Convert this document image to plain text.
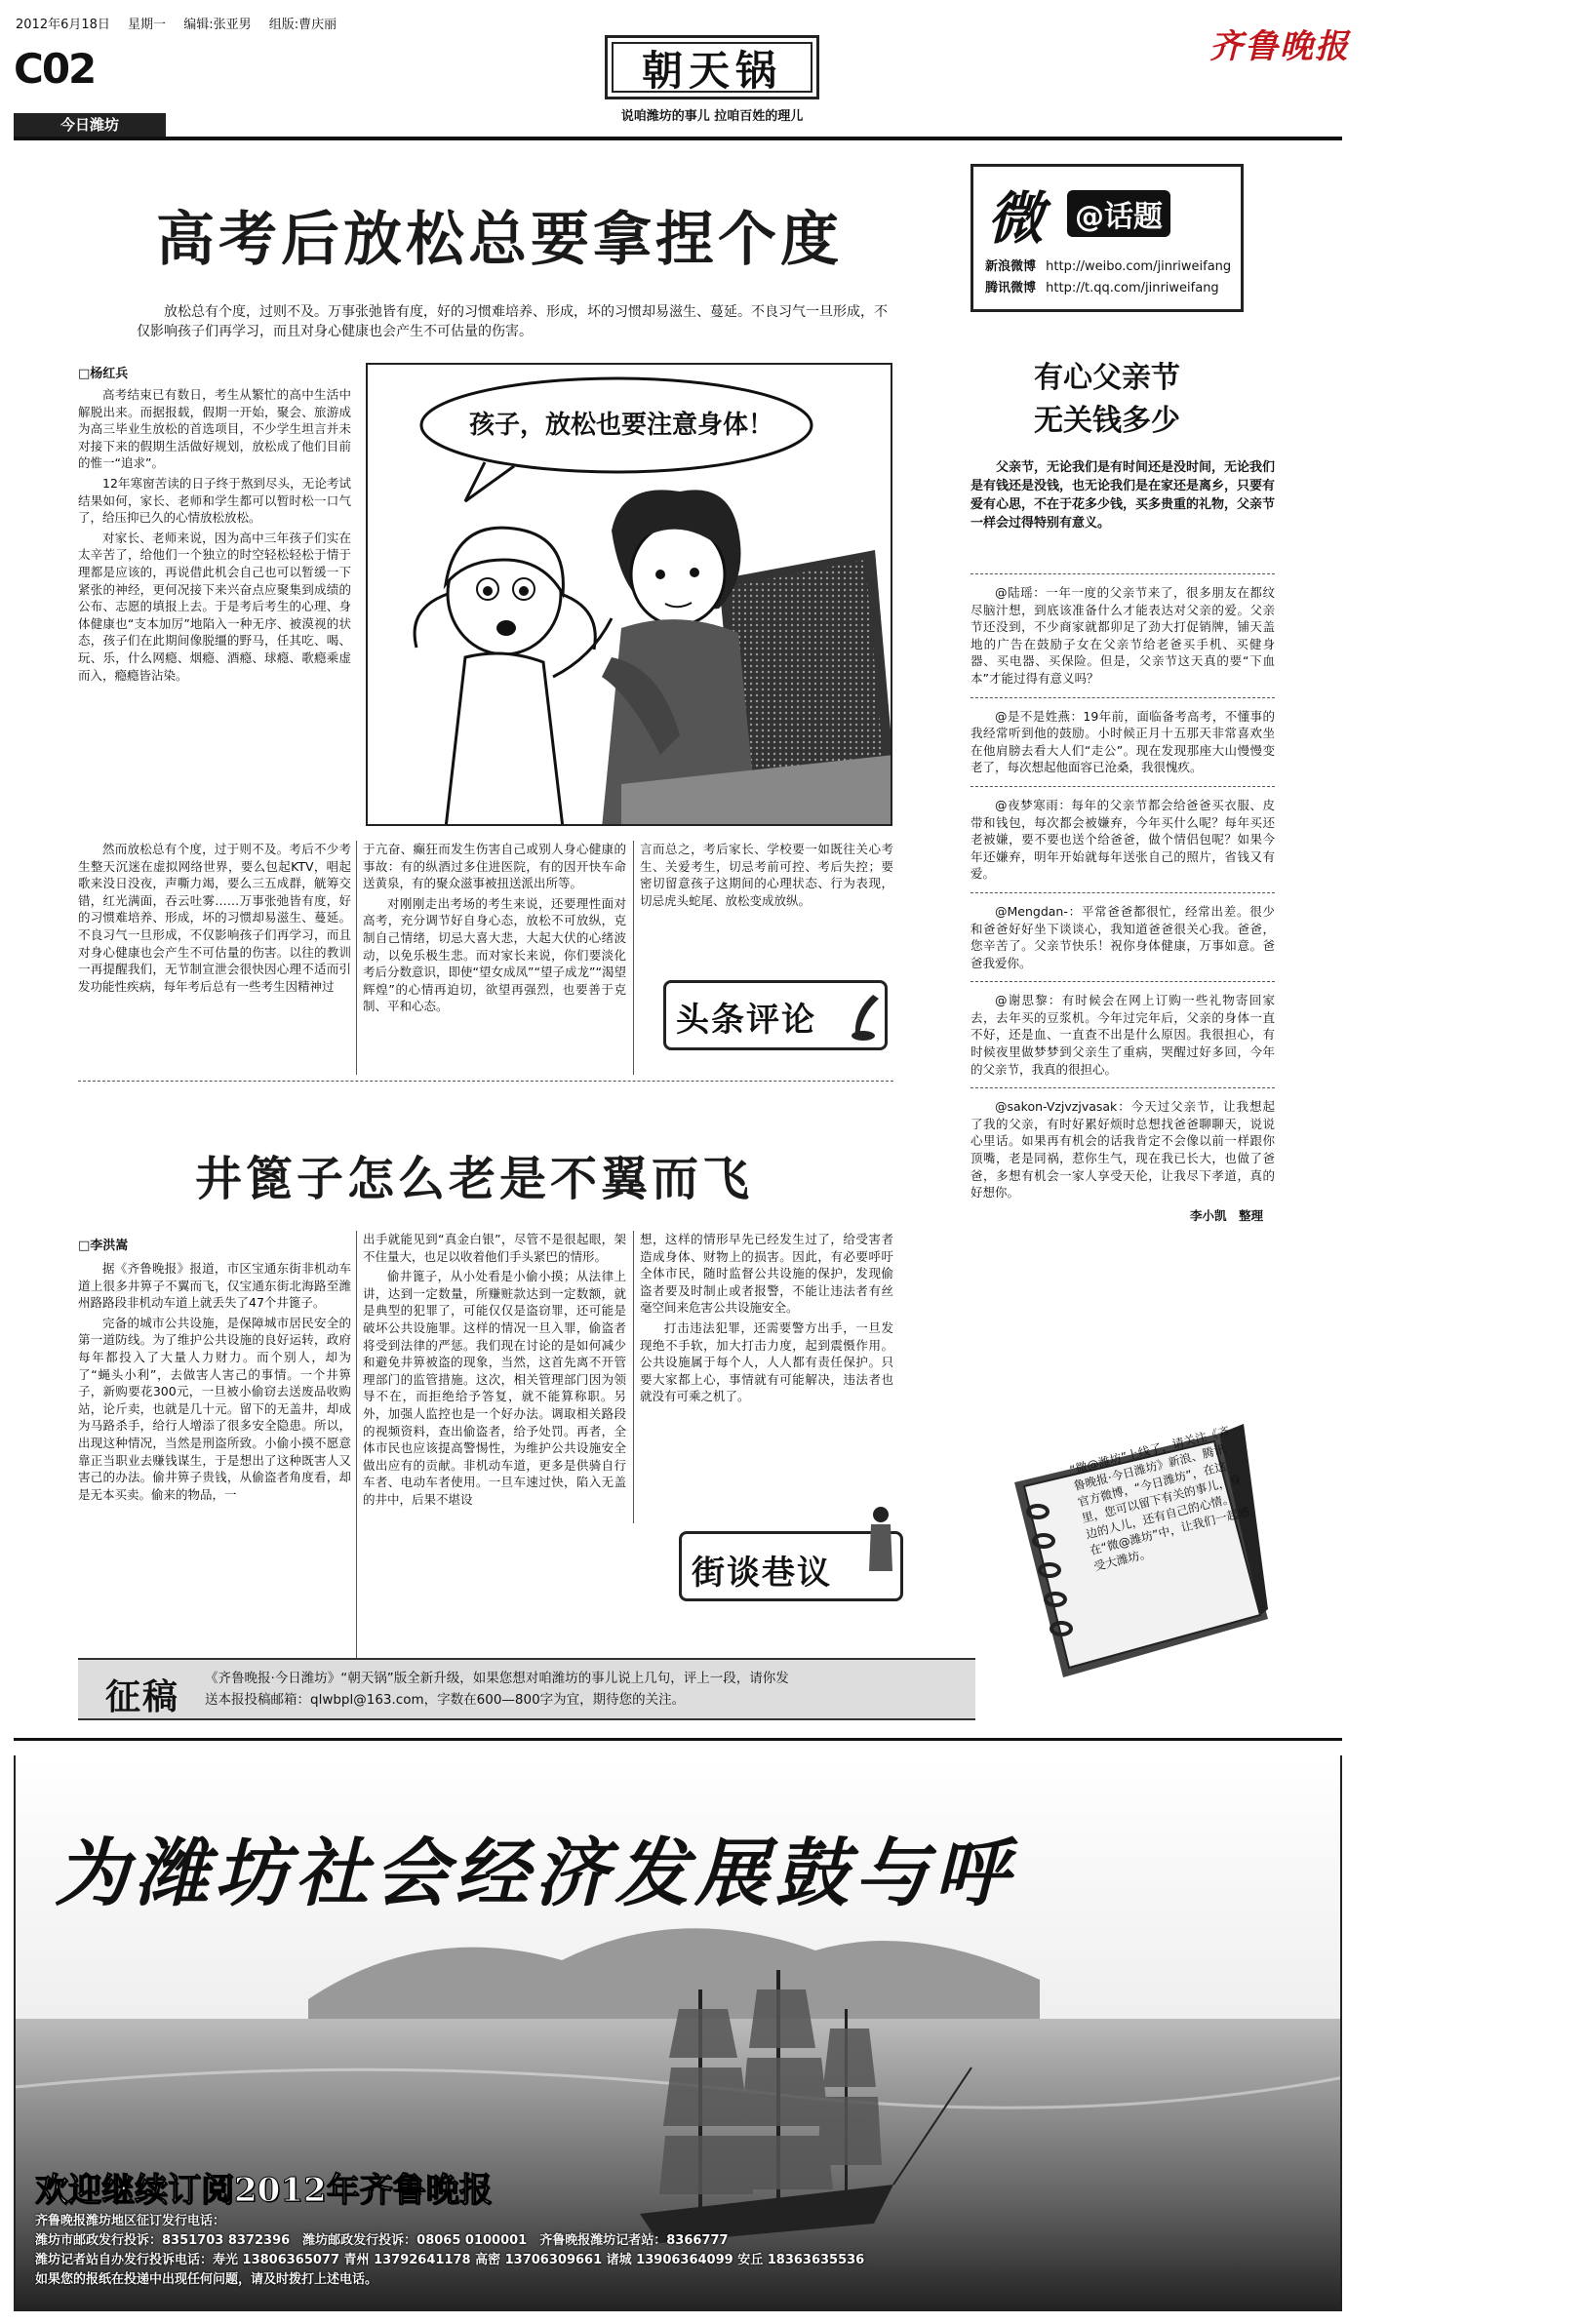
2012年6月18日 星期一 编辑:张亚男 组版:曹庆丽
C02
今日潍坊
朝天锅
说咱潍坊的事儿 拉咱百姓的理儿
齐鲁晚报
高考后放松总要拿捏个度
放松总有个度，过则不及。万事张弛皆有度，好的习惯难培养、形成，坏的习惯却易滋生、蔓延。不良习气一旦形成，不仅影响孩子们再学习，而且对身心健康也会产生不可估量的伤害。
□杨红兵
孩子，放松也要注意身体！

高考结束已有数日，考生从繁忙的高中生活中解脱出来。而据报载，假期一开始，聚会、旅游成为高三毕业生放松的首选项目，不少学生坦言并未对接下来的假期生活做好规划，放松成了他们目前的惟一“追求”。

12年寒窗苦读的日子终于熬到尽头，无论考试结果如何，家长、老师和学生都可以暂时松一口气了，给压抑已久的心情放松放松。

对家长、老师来说，因为高中三年孩子们实在太辛苦了，给他们一个独立的时空轻松轻松于情于理都是应该的，再说借此机会自己也可以暂缓一下紧张的神经，更何况接下来兴奋点应聚集到成绩的公布、志愿的填报上去。于是考后考生的心理、身体健康也“支本加厉”地陷入一种无序、被漠视的状态，孩子们在此期间像脱缰的野马，任其吃、喝、玩、乐，什么网瘾、烟瘾、酒瘾、球瘾、歌瘾乘虚而入，瘾瘾皆沾染。

然而放松总有个度，过于则不及。考后不少考生整天沉迷在虚拟网络世界，要么包起KTV，唱起歌来没日没夜，声嘶力竭，要么三五成群，觥筹交错，红光满面，吞云吐雾……万事张弛皆有度，好的习惯难培养、形成，坏的习惯却易滋生、蔓延。不良习气一旦形成，不仅影响孩子们再学习，而且对身心健康也会产生不可估量的伤害。以往的教训一再提醒我们，无节制宣泄会很快因心理不适而引发功能性疾病，每年考后总有一些考生因精神过

于亢奋、癫狂而发生伤害自己或别人身心健康的事故：有的纵酒过多住进医院，有的因开快车命送黄泉，有的聚众滋事被扭送派出所等。

对刚刚走出考场的考生来说，还要理性面对高考，充分调节好自身心态，放松不可放纵，克制自己情绪，切忌大喜大悲，大起大伏的心绪波动，以免乐极生悲。而对家长来说，你们要淡化考后分数意识，即使“望女成凤”“望子成龙”“渴望辉煌”的心情再迫切，欲望再强烈，也要善于克制、平和心态。

言而总之，考后家长、学校要一如既往关心考生、关爱考生，切忌考前可控、考后失控；要密切留意孩子这期间的心理状态、行为表现，切忌虎头蛇尾、放松变成放纵。

头条评论
井篦子怎么老是不翼而飞
□李洪嵩

据《齐鲁晚报》报道，市区宝通东街非机动车道上很多井箅子不翼而飞，仅宝通东街北海路至潍州路路段非机动车道上就丢失了47个井篦子。

完备的城市公共设施，是保障城市居民安全的第一道防线。为了维护公共设施的良好运转，政府每年都投入了大量人力财力。而个别人，却为了“蝇头小利”，去做害人害己的事情。一个井箅子，新购要花300元，一旦被小偷窃去送废品收购站，论斤卖，也就是几十元。留下的无盖井，却成为马路杀手，给行人增添了很多安全隐患。所以，出现这种情况，当然是刑盗所致。小偷小摸不愿意靠正当职业去赚钱谋生，于是想出了这种既害人又害己的办法。偷井箅子贵钱，从偷盗者角度看，却是无本买卖。偷来的物品，一

出手就能见到“真金白银”，尽管不是很起眼，架不住量大，也足以收着他们手头紧巴的情形。

偷井篦子，从小处看是小偷小摸；从法律上讲，达到一定数量，所赚赃款达到一定数额，就是典型的犯罪了，可能仅仅是盗窃罪，还可能是破坏公共设施罪。这样的情况一旦入罪，偷盗者将受到法律的严惩。我们现在讨论的是如何减少和避免井箅被盗的现象，当然，这首先离不开管理部门的监管措施。这次，相关管理部门因为领导不在，而拒绝给予答复，就不能算称职。另外，加强人监控也是一个好办法。调取相关路段的视频资料，查出偷盗者，给予处罚。再者，全体市民也应该提高警惕性，为维护公共设施安全做出应有的贡献。非机动车道，更多是供骑自行车者、电动车者使用。一旦车速过快，陷入无盖的井中，后果不堪设

想，这样的情形早先已经发生过了，给受害者造成身体、财物上的损害。因此，有必要呼吁全体市民，随时监督公共设施的保护，发现偷盗者要及时制止或者报警，不能让违法者有丝毫空间来危害公共设施安全。

打击违法犯罪，还需要警方出手，一旦发现绝不手软，加大打击力度，起到震慑作用。公共设施属于每个人，人人都有责任保护。只要大家都上心，事情就有可能解决，违法者也就没有可乘之机了。

街谈巷议
征稿 《齐鲁晚报·今日潍坊》“朝天锅”版全新升级，如果您想对咱潍坊的事儿说上几句，评上一段，请你发
送本报投稿邮箱：qlwbpl@163.com，字数在600—800字为宜，期待您的关注。
微 @话题
新浪微博 http://weibo.com/jinriweifang
腾讯微博 http://t.qq.com/jinriweifang
有心父亲节
无关钱多少
父亲节，无论我们是有时间还是没时间，无论我们是有钱还是没钱，也无论我们是在家还是离乡，只要有爱有心思，不在于花多少钱，买多贵重的礼物，父亲节一样会过得特别有意义。

@陆瑶：一年一度的父亲节来了，很多朋友在都纹尽脑汁想，到底该准备什么才能表达对父亲的爱。父亲节还没到，不少商家就都卯足了劲大打促销牌，铺天盖地的广告在鼓励子女在父亲节给老爸买手机、买健身器、买电器、买保险。但是，父亲节这天真的要“下血本”才能过得有意义吗？

@是不是姓燕：19年前，面临备考高考，不懂事的我经常听到他的鼓励。小时候正月十五那天非常喜欢坐在他肩膀去看大人们“走公”。现在发现那座大山慢慢变老了，每次想起他面容已沧桑，我很愧疚。

@夜梦寒雨：每年的父亲节都会给爸爸买衣服、皮带和钱包，每次都会被嫌弃，今年买什么呢？每年买还老被嫌，要不要也送个给爸爸，做个情侣包呢？如果今年还嫌弃，明年开始就每年送张自己的照片，省钱又有爱。

@Mengdan-：平常爸爸都很忙，经常出差。很少和爸爸好好坐下谈谈心，我知道爸爸很关心我。爸爸，您辛苦了。父亲节快乐！祝你身体健康，万事如意。爸爸我爱你。

@谢思黎：有时候会在网上订购一些礼物寄回家去，去年买的豆浆机。今年过完年后，父亲的身体一直不好，还是血、一直查不出是什么原因。我很担心，有时候夜里做梦梦到父亲生了重病，哭醒过好多回，今年的父亲节，我真的很担心。

@sakon-Vzjvzjvasak：今天过父亲节，让我想起了我的父亲，有时好累好烦时总想找爸爸聊聊天，说说心里话。如果再有机会的话我肯定不会像以前一样跟你顶嘴，老是同祸，惹你生气，现在我已长大，也做了爸爸，多想有机会一家人享受天伦，让我尽下孝道，真的好想你。

李小凯　整理
“微@潍坊”上线了，请关注《齐鲁晚报·今日潍坊》新浪、腾讯官方微博，“今日潍坊”，在这里，您可以留下有关的事儿，身边的人儿，还有自己的心情。在“微@潍坊”中，让我们一起感受大潍坊。
为潍坊社会经济发展鼓与呼
欢迎继续订阅2012年齐鲁晚报
齐鲁晚报潍坊地区征订发行电话：
潍坊市邮政发行投诉：8351703 8372396　潍坊邮政发行投诉：08065 0100001　齐鲁晚报潍坊记者站：8366777
潍坊记者站自办发行投诉电话：寿光 13806365077 青州 13792641178 高密 13706309661 诸城 13906364099 安丘 18363635536
如果您的报纸在投递中出现任何问题，请及时拨打上述电话。
